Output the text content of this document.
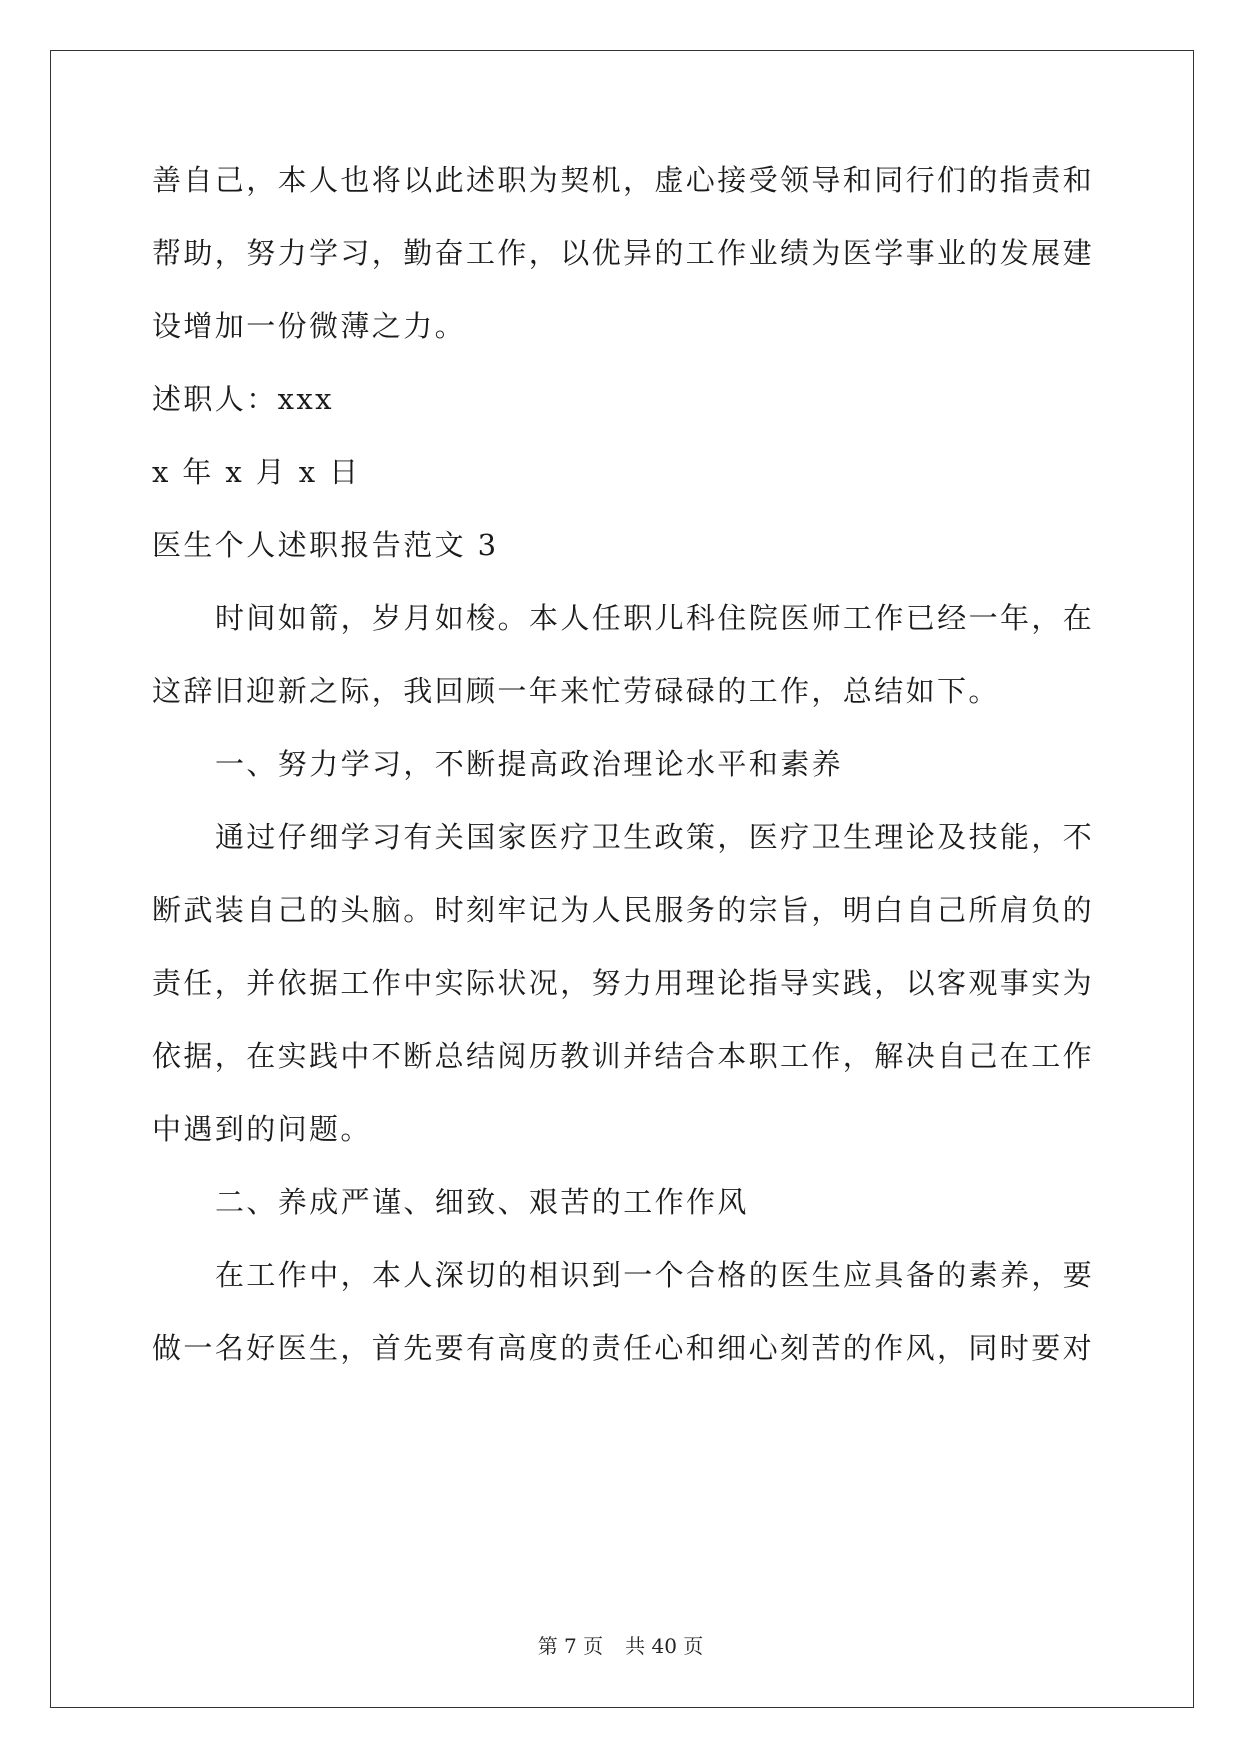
善自己，本人也将以此述职为契机，虚心接受领导和同行们的指责和
帮助，努力学习，勤奋工作，以优异的工作业绩为医学事业的发展建
设增加一份微薄之力。
述职人：xxx
x 年 x 月 x 日
医生个人述职报告范文 3
时间如箭，岁月如梭。本人任职儿科住院医师工作已经一年，在
这辞旧迎新之际，我回顾一年来忙劳碌碌的工作，总结如下。
一、努力学习，不断提高政治理论水平和素养
通过仔细学习有关国家医疗卫生政策，医疗卫生理论及技能，不
断武装自己的头脑。时刻牢记为人民服务的宗旨，明白自己所肩负的
责任，并依据工作中实际状况，努力用理论指导实践，以客观事实为
依据，在实践中不断总结阅历教训并结合本职工作，解决自己在工作
中遇到的问题。
二、养成严谨、细致、艰苦的工作作风
在工作中，本人深切的相识到一个合格的医生应具备的素养，要
做一名好医生，首先要有高度的责任心和细心刻苦的作风，同时要对
第 7 页 共 40 页
